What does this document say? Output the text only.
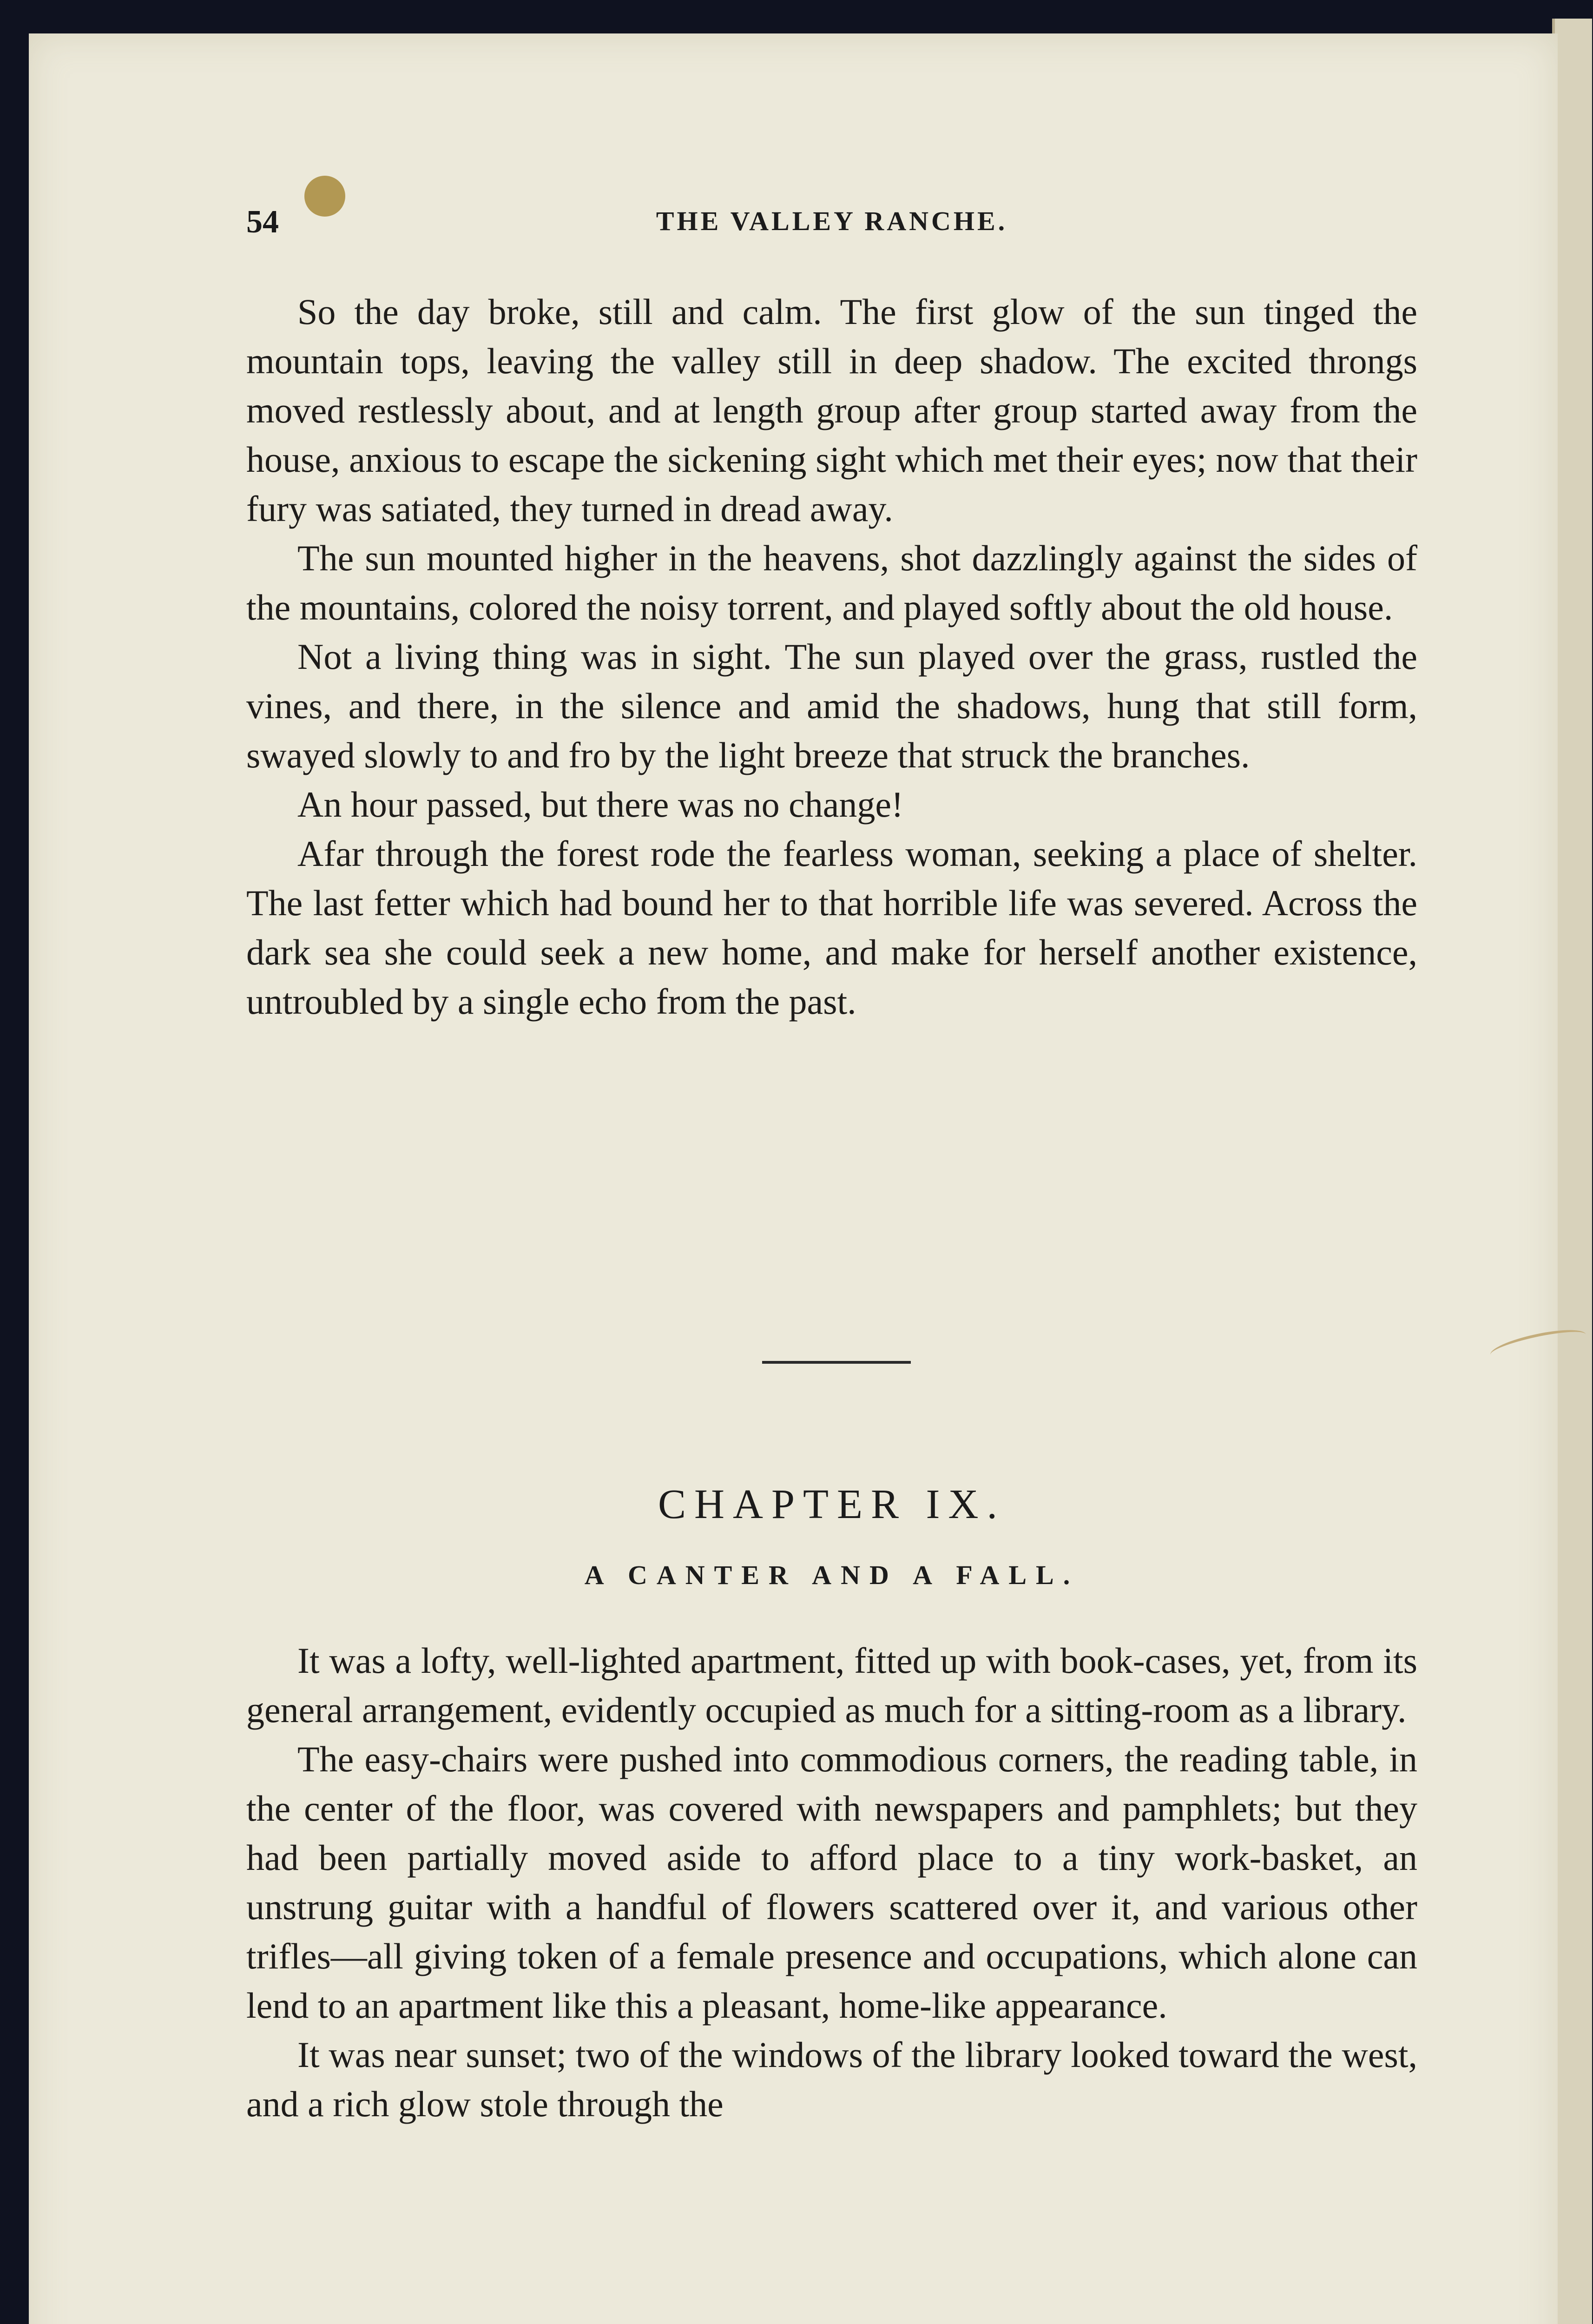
54	THE VALLEY RANCHE.

So the day broke, still and calm. The first glow of the sun tinged the mountain tops, leaving the valley still in deep shadow. The excited throngs moved restlessly about, and at length group after group started away from the house, anxious to escape the sickening sight which met their eyes; now that their fury was satiated, they turned in dread away.

The sun mounted higher in the heavens, shot dazzlingly against the sides of the mountains, colored the noisy torrent, and played softly about the old house.

Not a living thing was in sight. The sun played over the grass, rustled the vines, and there, in the silence and amid the shadows, hung that still form, swayed slowly to and fro by the light breeze that struck the branches.

An hour passed, but there was no change!

Afar through the forest rode the fearless woman, seeking a place of shelter. The last fetter which had bound her to that horrible life was severed. Across the dark sea she could seek a new home, and make for herself another existence, untroubled by a single echo from the past.

CHAPTER IX.
A CANTER AND A FALL.

It was a lofty, well-lighted apartment, fitted up with book-cases, yet, from its general arrangement, evidently occupied as much for a sitting-room as a library.

The easy-chairs were pushed into commodious corners, the reading table, in the center of the floor, was covered with newspapers and pamphlets; but they had been partially moved aside to afford place to a tiny work-basket, an unstrung guitar with a handful of flowers scattered over it, and various other trifles—all giving token of a female presence and occupations, which alone can lend to an apartment like this a pleasant, home-like appearance.

It was near sunset; two of the windows of the library looked toward the west, and a rich glow stole through the
